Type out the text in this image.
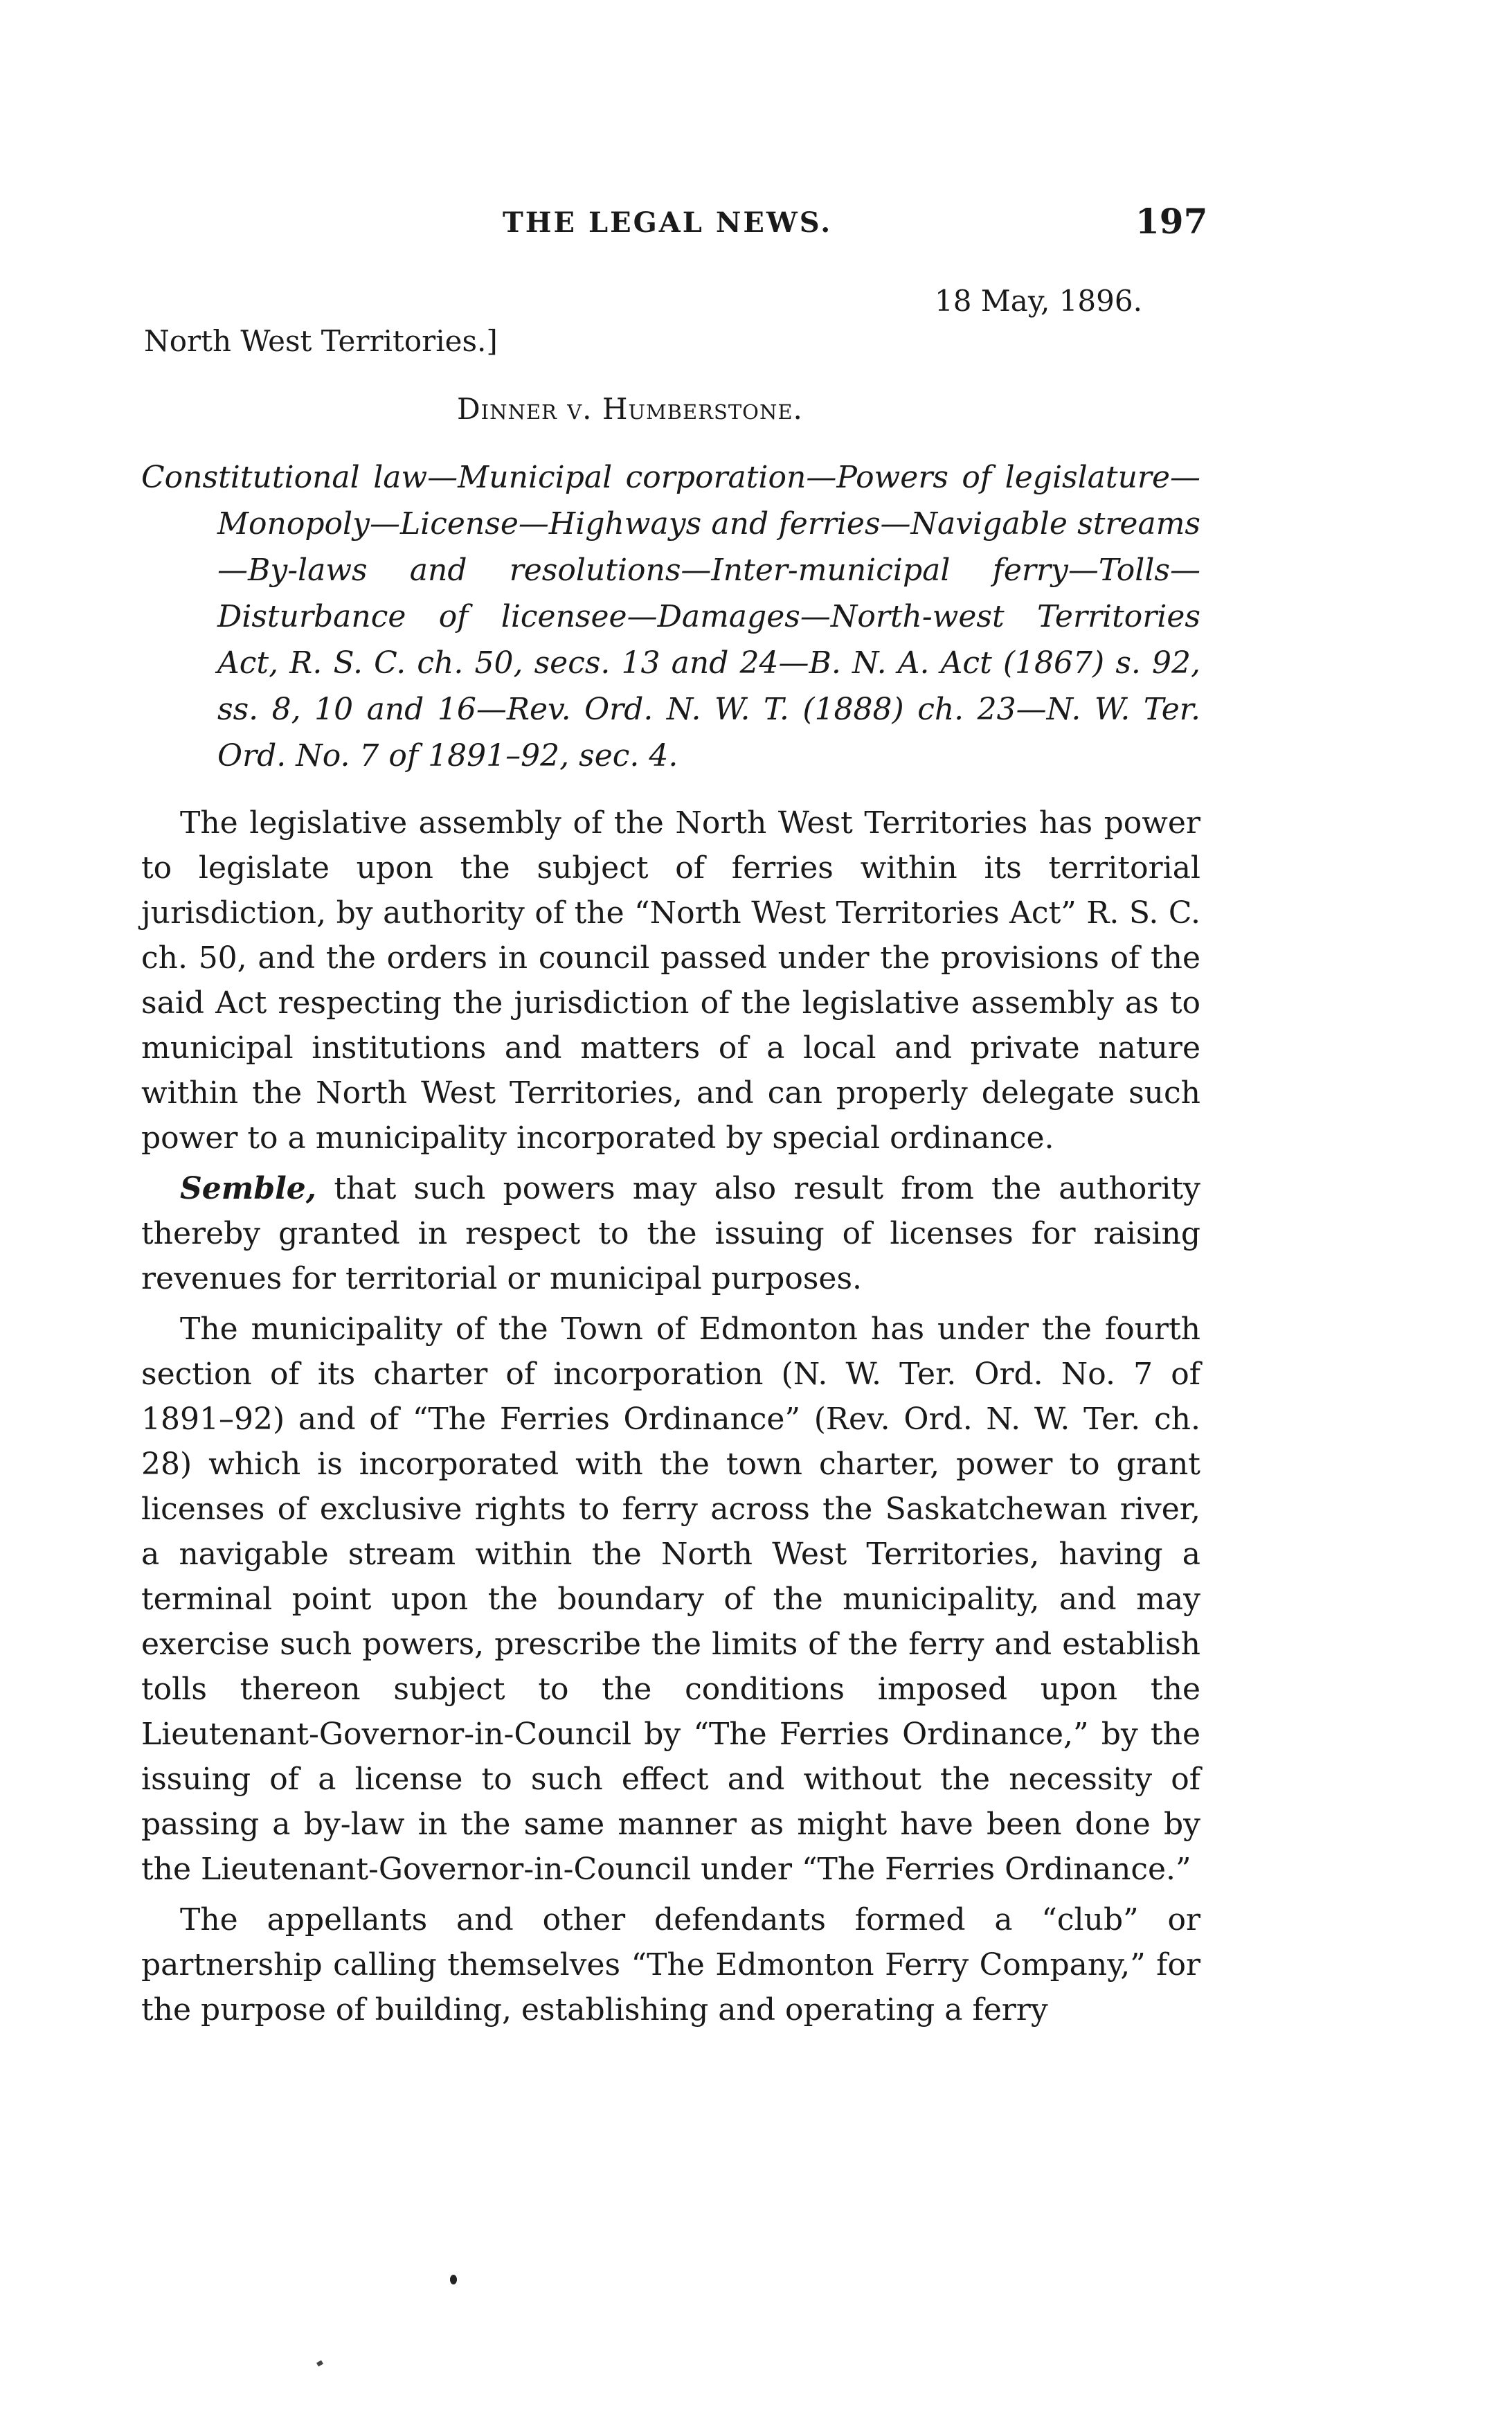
THE LEGAL NEWS.	197
18 May, 1896.
North West Territories.]
Dinner v. Humberstone.
Constitutional law—Municipal corporation—Powers of legislature—Monopoly—License—Highways and ferries—Navigable streams—By-laws and resolutions—Inter-municipal ferry—Tolls—Disturbance of licensee—Damages—North-west Territories Act, R. S. C. ch. 50, secs. 13 and 24—B. N. A. Act (1867) s. 92, ss. 8, 10 and 16—Rev. Ord. N. W. T. (1888) ch. 23—N. W. Ter. Ord. No. 7 of 1891–92, sec. 4.

The legislative assembly of the North West Territories has power to legislate upon the subject of ferries within its territorial jurisdiction, by authority of the “North West Territories Act” R. S. C. ch. 50, and the orders in council passed under the provisions of the said Act respecting the jurisdiction of the legislative assembly as to municipal institutions and matters of a local and private nature within the North West Territories, and can properly delegate such power to a municipality incorporated by special ordinance.

Semble, that such powers may also result from the authority thereby granted in respect to the issuing of licenses for raising revenues for territorial or municipal purposes.

The municipality of the Town of Edmonton has under the fourth section of its charter of incorporation (N. W. Ter. Ord. No. 7 of 1891–92) and of “The Ferries Ordinance” (Rev. Ord. N. W. Ter. ch. 28) which is incorporated with the town charter, power to grant licenses of exclusive rights to ferry across the Saskatchewan river, a navigable stream within the North West Territories, having a terminal point upon the boundary of the municipality, and may exercise such powers, prescribe the limits of the ferry and establish tolls thereon subject to the conditions imposed upon the Lieutenant-Governor-in-Council by “The Ferries Ordinance,” by the issuing of a license to such effect and without the necessity of passing a by-law in the same manner as might have been done by the Lieutenant-Governor-in-Council under “The Ferries Ordinance.”

The appellants and other defendants formed a “club” or partnership calling themselves “The Edmonton Ferry Company,” for the purpose of building, establishing and operating a ferry
